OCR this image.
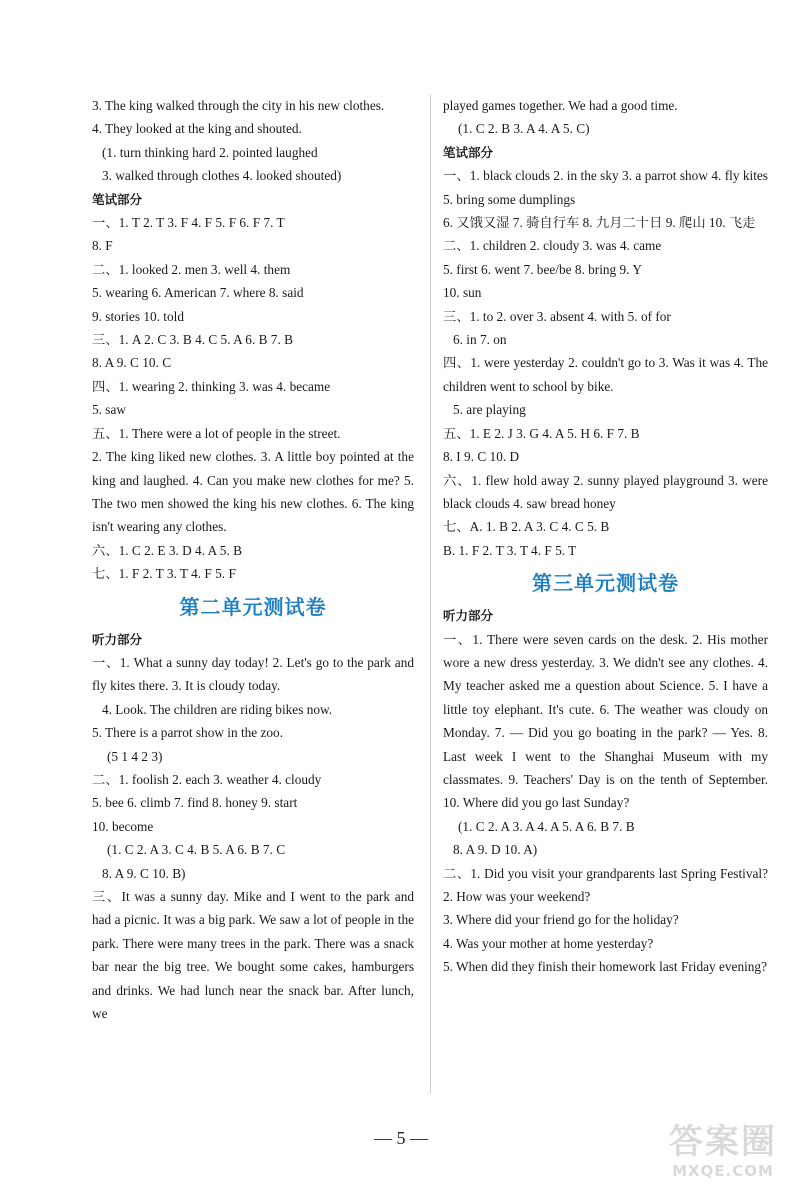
3. The king walked through the city in his new clothes.

4. They looked at the king and shouted.

(1. turn thinking hard 2. pointed laughed

3. walked through clothes 4. looked shouted)

笔试部分

一、1. T 2. T 3. F 4. F 5. F 6. F 7. T

8. F

二、1. looked 2. men 3. well 4. them

5. wearing 6. American 7. where 8. said

9. stories 10. told

三、1. A 2. C 3. B 4. C 5. A 6. B 7. B

8. A 9. C 10. C

四、1. wearing 2. thinking 3. was 4. became

5. saw

五、1. There were a lot of people in the street.

2. The king liked new clothes. 3. A little boy pointed at the king and laughed. 4. Can you make new clothes for me? 5. The two men showed the king his new clothes. 6. The king isn't wearing any clothes.

六、1. C 2. E 3. D 4. A 5. B

七、1. F 2. T 3. T 4. F 5. F

第二单元测试卷

听力部分

一、1. What a sunny day today! 2. Let's go to the park and fly kites there. 3. It is cloudy today.

4. Look. The children are riding bikes now.

5. There is a parrot show in the zoo.

(5 1 4 2 3)

二、1. foolish 2. each 3. weather 4. cloudy

5. bee 6. climb 7. find 8. honey 9. start

10. become

(1. C 2. A 3. C 4. B 5. A 6. B 7. C

8. A 9. C 10. B)

三、It was a sunny day. Mike and I went to the park and had a picnic. It was a big park. We saw a lot of people in the park. There were many trees in the park. There was a snack bar near the big tree. We bought some cakes, hamburgers and drinks. We had lunch near the snack bar. After lunch, we

played games together. We had a good time.

(1. C 2. B 3. A 4. A 5. C)

笔试部分

一、1. black clouds 2. in the sky 3. a parrot show 4. fly kites 5. bring some dumplings

6. 又饿又湿 7. 骑自行车 8. 九月二十日 9. 爬山 10. 飞走

二、1. children 2. cloudy 3. was 4. came

5. first 6. went 7. bee/be 8. bring 9. Y

10. sun

三、1. to 2. over 3. absent 4. with 5. of for

6. in 7. on

四、1. were yesterday 2. couldn't go to 3. Was it was 4. The children went to school by bike.

5. are playing

五、1. E 2. J 3. G 4. A 5. H 6. F 7. B

8. I 9. C 10. D

六、1. flew hold away 2. sunny played playground 3. were black clouds 4. saw bread honey

七、A. 1. B 2. A 3. C 4. C 5. B

B. 1. F 2. T 3. T 4. F 5. T

第三单元测试卷

听力部分

一、1. There were seven cards on the desk. 2. His mother wore a new dress yesterday. 3. We didn't see any clothes. 4. My teacher asked me a question about Science. 5. I have a little toy elephant. It's cute. 6. The weather was cloudy on Monday. 7. — Did you go boating in the park? — Yes. 8. Last week I went to the Shanghai Museum with my classmates. 9. Teachers' Day is on the tenth of September. 10. Where did you go last Sunday?

(1. C 2. A 3. A 4. A 5. A 6. B 7. B

8. A 9. D 10. A)

二、1. Did you visit your grandparents last Spring Festival? 2. How was your weekend?

3. Where did your friend go for the holiday?

4. Was your mother at home yesterday?

5. When did they finish their homework last Friday evening?

— 5 —	答案圈
MXQE.COM
